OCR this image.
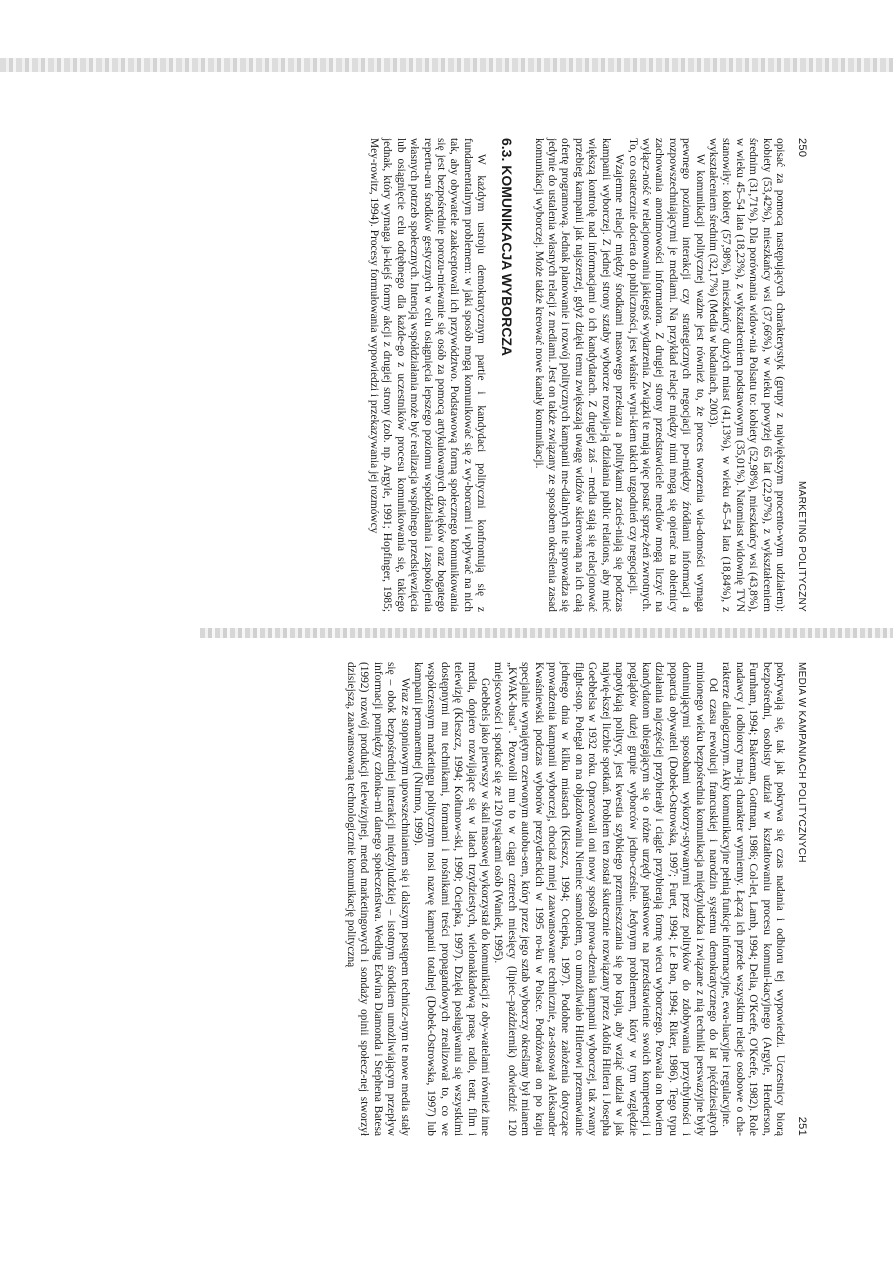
250
MARKETING POLITYCZNY

opisać za pomocą następujących charakterystyk (grupy z największym procento-wym udziałem): kobiety (53,42%), mieszkańcy wsi (37,66%), w wieku powyżej 65 lat (22,97%), z wykształceniem średnim (31,71%). Dla porównania widow-nia Polsatu to: kobiety (52,98%), mieszkańcy wsi (43,8%), w wieku 45–54 lata (18,23%), z wykształceniem podstawowym (35,01%). Natomiast widownię TVN stanowiły: kobiety (57,98%), mieszkańcy dużych miast (41,13%), w wieku 45–54 lata (18,84%), z wykształceniem średnim (32,17%) (Media w badaniach, 2003).

W komunikacji politycznej ważne jest również to, że proces tworzenia wia-domości wymaga pewnego poziomu interakcji czy strategicznych negocjacji po-między źródłami informacji a rozpowszechniającymi je mediami. Na przykład relacje między nimi mogą się opierać na obietnicy zachowania anonimowości informatora. Z drugiej strony przedstawiciele mediów mogą liczyć na wyłącz-ność w relacjonowaniu jakiegoś wydarzenia. Związki te mają więc postać sprzę-żeń zwrotnych. To, co ostatecznie dociera do publiczności, jest właśnie wyni-kiem takich uzgodnień czy negocjacji.

Wzajemne relacje między środkami masowego przekazu a politykami zacieś-niają się podczas kampanii wyborczej. Z jednej strony sztaby wyborcze rozwija-ją działania public relations, aby mieć większą kontrolę nad informacjami o ich kandydatach. Z drugiej zaś – media stają się relacjonować przebieg kampanii jak najszerzej, gdyż dzięki temu zwiększają uwagę widzów skierowaną na ich całą ofertę programową. Jednak planowanie i rozwój politycznych kampanii me-dialnych nie sprowadza się jedynie do ustalenia własnych relacji z mediami. Jest on także związany ze sposobem określenia zasad komunikacji wyborczej. Może także kreować nowe kanały komunikacji.

6.3. KOMUNIKACJA WYBORCZA

W każdym ustroju demokratycznym partie i kandydaci polityczni konfrontują się z fundamentalnym problemem: w jaki sposób mogą komunikować się z wy-borcami i wpływać na nich tak, aby obywatele zaakceptowali ich przywództwo. Podstawową formą społecznego komunikowania się jest bezpośrednie porozu-miewanie się osób za pomocą artykułowanych dźwięków oraz bogatego repertu-aru środków gestycznych w celu osiągnięcia lepszego poziomu współdziałania i zaspokojenia własnych potrzeb społecznych. Intencją współdziałania może być realizacja wspólnego przedsięwzięcia lub osiągnięcie celu odrębnego dla każde-go z uczestników procesu komunikowania się, takiego jednak, który wymaga ja-kiejś formy akcji z drugiej strony (zob. np. Argyle, 1991; Hopfinger, 1985; Mey-rowitz, 1994). Procesy formułowania wypowiedzi i przekazywania jej rozmówcy

MEDIA W KAMPANIACH POLITYCZNYCH
251

pokrywają się, tak jak pokrywa się czas nadania i odbioru tej wypowiedzi. Uczestnicy biorą bezpośredni, osobisty udział w kształtowaniu procesu komuni-kacyjnego (Argyle, Henderson, Furnham, 1994; Bakeman, Gottman, 1986; Col-let, Lamb, 1994; Delia, O'Keefe, O'Keefe, 1982). Role nadawcy i odbiorcy ma-ją charakter wymienny. Łączą ich przede wszystkim relacje osobowe o cha-rakterze dialogicznym. Akty komunikacyjne pełnią funkcje informacyjne, ewa-luacyjne i regulacyjne.

Od czasu rewolucji francuskiej i narodzin systemu demokratycznego do lat pięćdziesiątych minionego wieku bezpośrednia komunikacja międzyludzka i związane z nią techniki perswazyjne były dominującymi sposobami wykorzy-stywanymi przez polityków do zdobywania przychylności i poparcia obywateli (Dobek-Ostrowska, 1997; Furet, 1994; Le Bon, 1994; Riker, 1986). Tego typu działania najczęściej przybierały i ciągle przybierają formę wiecu wyborczego. Pozwala on bowiem kandydatom ubiegającym się o różne urzędy państwowe na przedstawienie swoich kompetencji i poglądów dużej grupie wyborców jedno-cześnie. Jedynym problemem, który w tym względzie napotykają politycy, jest kwestia szybkiego przemieszczania się po kraju, aby wziąć udział w jak najwię-kszej liczbie spotkań. Problem ten został skutecznie rozwiązany przez Adolfa Hitlera i Josepha Goebbelsa w 1932 roku. Opracowali oni nowy sposób prowa-dzenia kampanii wyborczej, tak zwany flight-stop. Polegał on na objazdowaniu Niemiec samolotem, co umożliwiało Hitlerowi przemawianie jednego dnia w kilku miastach (Kleszcz, 1994; Ociepka, 1997). Podobne założenia dotyczące prowadzenia kampanii wyborczej, chociaż mniej zaawansowane technicznie, za-stosował Aleksander Kwaśniewski podczas wyborów prezydenckich w 1995 ro-ku w Polsce. Podróżował on po kraju specjalnie wynajętym czerwonym autobu-sem, który przez jego sztab wyborczy określany był mianem „KWAK-busa". Pozwolił mu to w ciągu czterech miesięcy (lipiec–październik) odwiedzić 120 miejscowości i spotkać się ze 120 tysiącami osób (Waniek, 1995).

Goebbels jako pierwszy w skali masowej wykorzystał do komunikacji z oby-watelami również inne media, dopiero rozwijające się w latach trzydziestych, wielonakładową prasę, radio, teatr, film i telewizję (Kleszcz, 1994; Kołtunow-ski, 1990; Ociepka, 1997). Dzięki posługiwaniu się wszystkimi dostępnymi mu technikami, formami i nośnikami treści propagandowych zrealizował to, co we współczesnym marketingu politycznym nosi nazwę kampanii totalnej (Dobek-Ostrowska, 1997) lub kampanii permanentnej (Nimmo, 1999).

Wraz ze stopniowym upowszechnianiem się i dalszym postępem technicz-nym te nowe media stały się – obok bezpośredniej interakcji międzyludzkiej – istotnym środkiem umożliwiającym przepływ informacji pomiędzy członka-mi danego społeczeństwa. Według Edwina Diamonda i Stephena Batesa (1992) rozwój produkcji telewizyjnej, metod marketingowych i sondaży opinii społecz-nej stworzył dzisiejszą, zaawansowaną technologicznie komunikację polityczną
